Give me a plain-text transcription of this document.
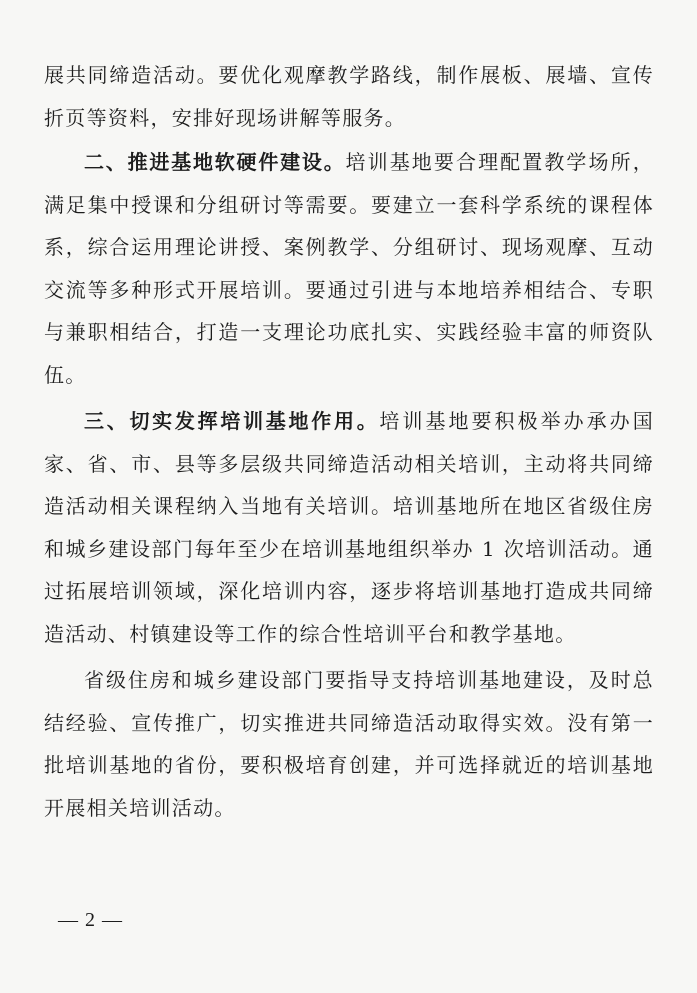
展共同缔造活动。要优化观摩教学路线，制作展板、展墙、宣传折页等资料，安排好现场讲解等服务。

二、推进基地软硬件建设。培训基地要合理配置教学场所，满足集中授课和分组研讨等需要。要建立一套科学系统的课程体系，综合运用理论讲授、案例教学、分组研讨、现场观摩、互动交流等多种形式开展培训。要通过引进与本地培养相结合、专职与兼职相结合，打造一支理论功底扎实、实践经验丰富的师资队伍。

三、切实发挥培训基地作用。培训基地要积极举办承办国家、省、市、县等多层级共同缔造活动相关培训，主动将共同缔造活动相关课程纳入当地有关培训。培训基地所在地区省级住房和城乡建设部门每年至少在培训基地组织举办 1 次培训活动。通过拓展培训领域，深化培训内容，逐步将培训基地打造成共同缔造活动、村镇建设等工作的综合性培训平台和教学基地。

省级住房和城乡建设部门要指导支持培训基地建设，及时总结经验、宣传推广，切实推进共同缔造活动取得实效。没有第一批培训基地的省份，要积极培育创建，并可选择就近的培训基地开展相关培训活动。

— 2 —
